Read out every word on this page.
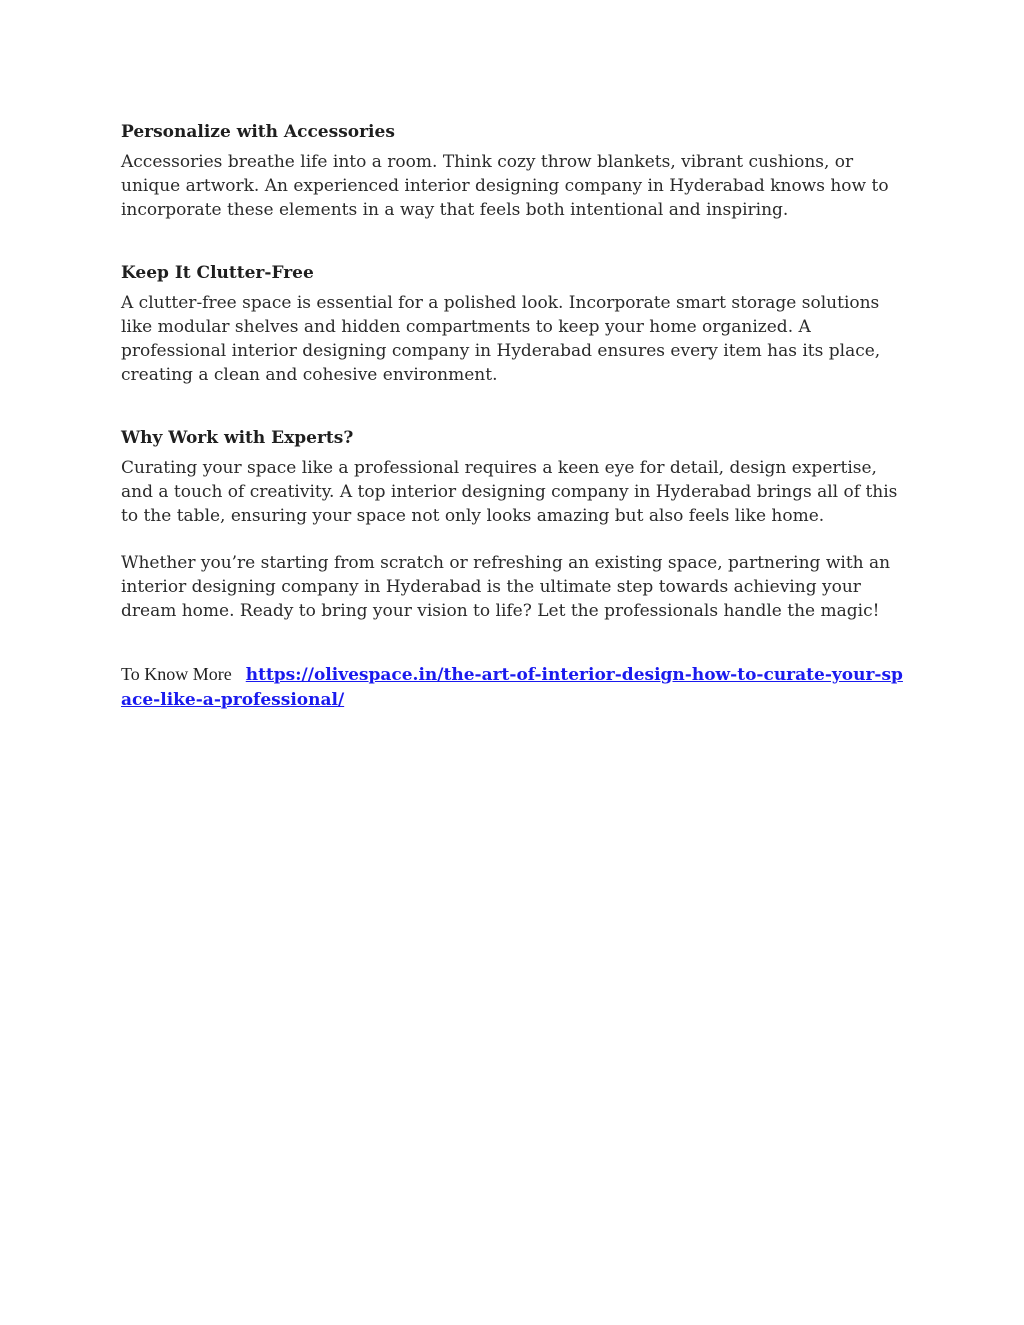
Personalize with Accessories

Accessories breathe life into a room. Think cozy throw blankets, vibrant cushions, or unique artwork. An experienced interior designing company in Hyderabad knows how to incorporate these elements in a way that feels both intentional and inspiring.

Keep It Clutter-Free

A clutter-free space is essential for a polished look. Incorporate smart storage solutions like modular shelves and hidden compartments to keep your home organized. A professional interior designing company in Hyderabad ensures every item has its place, creating a clean and cohesive environment.

Why Work with Experts?

Curating your space like a professional requires a keen eye for detail, design expertise, and a touch of creativity. A top interior designing company in Hyderabad brings all of this to the table, ensuring your space not only looks amazing but also feels like home.

Whether you’re starting from scratch or refreshing an existing space, partnering with an interior designing company in Hyderabad is the ultimate step towards achieving your dream home. Ready to bring your vision to life? Let the professionals handle the magic!

To Know More https://olivespace.in/the-art-of-interior-design-how-to-curate-your-space-like-a-professional/
